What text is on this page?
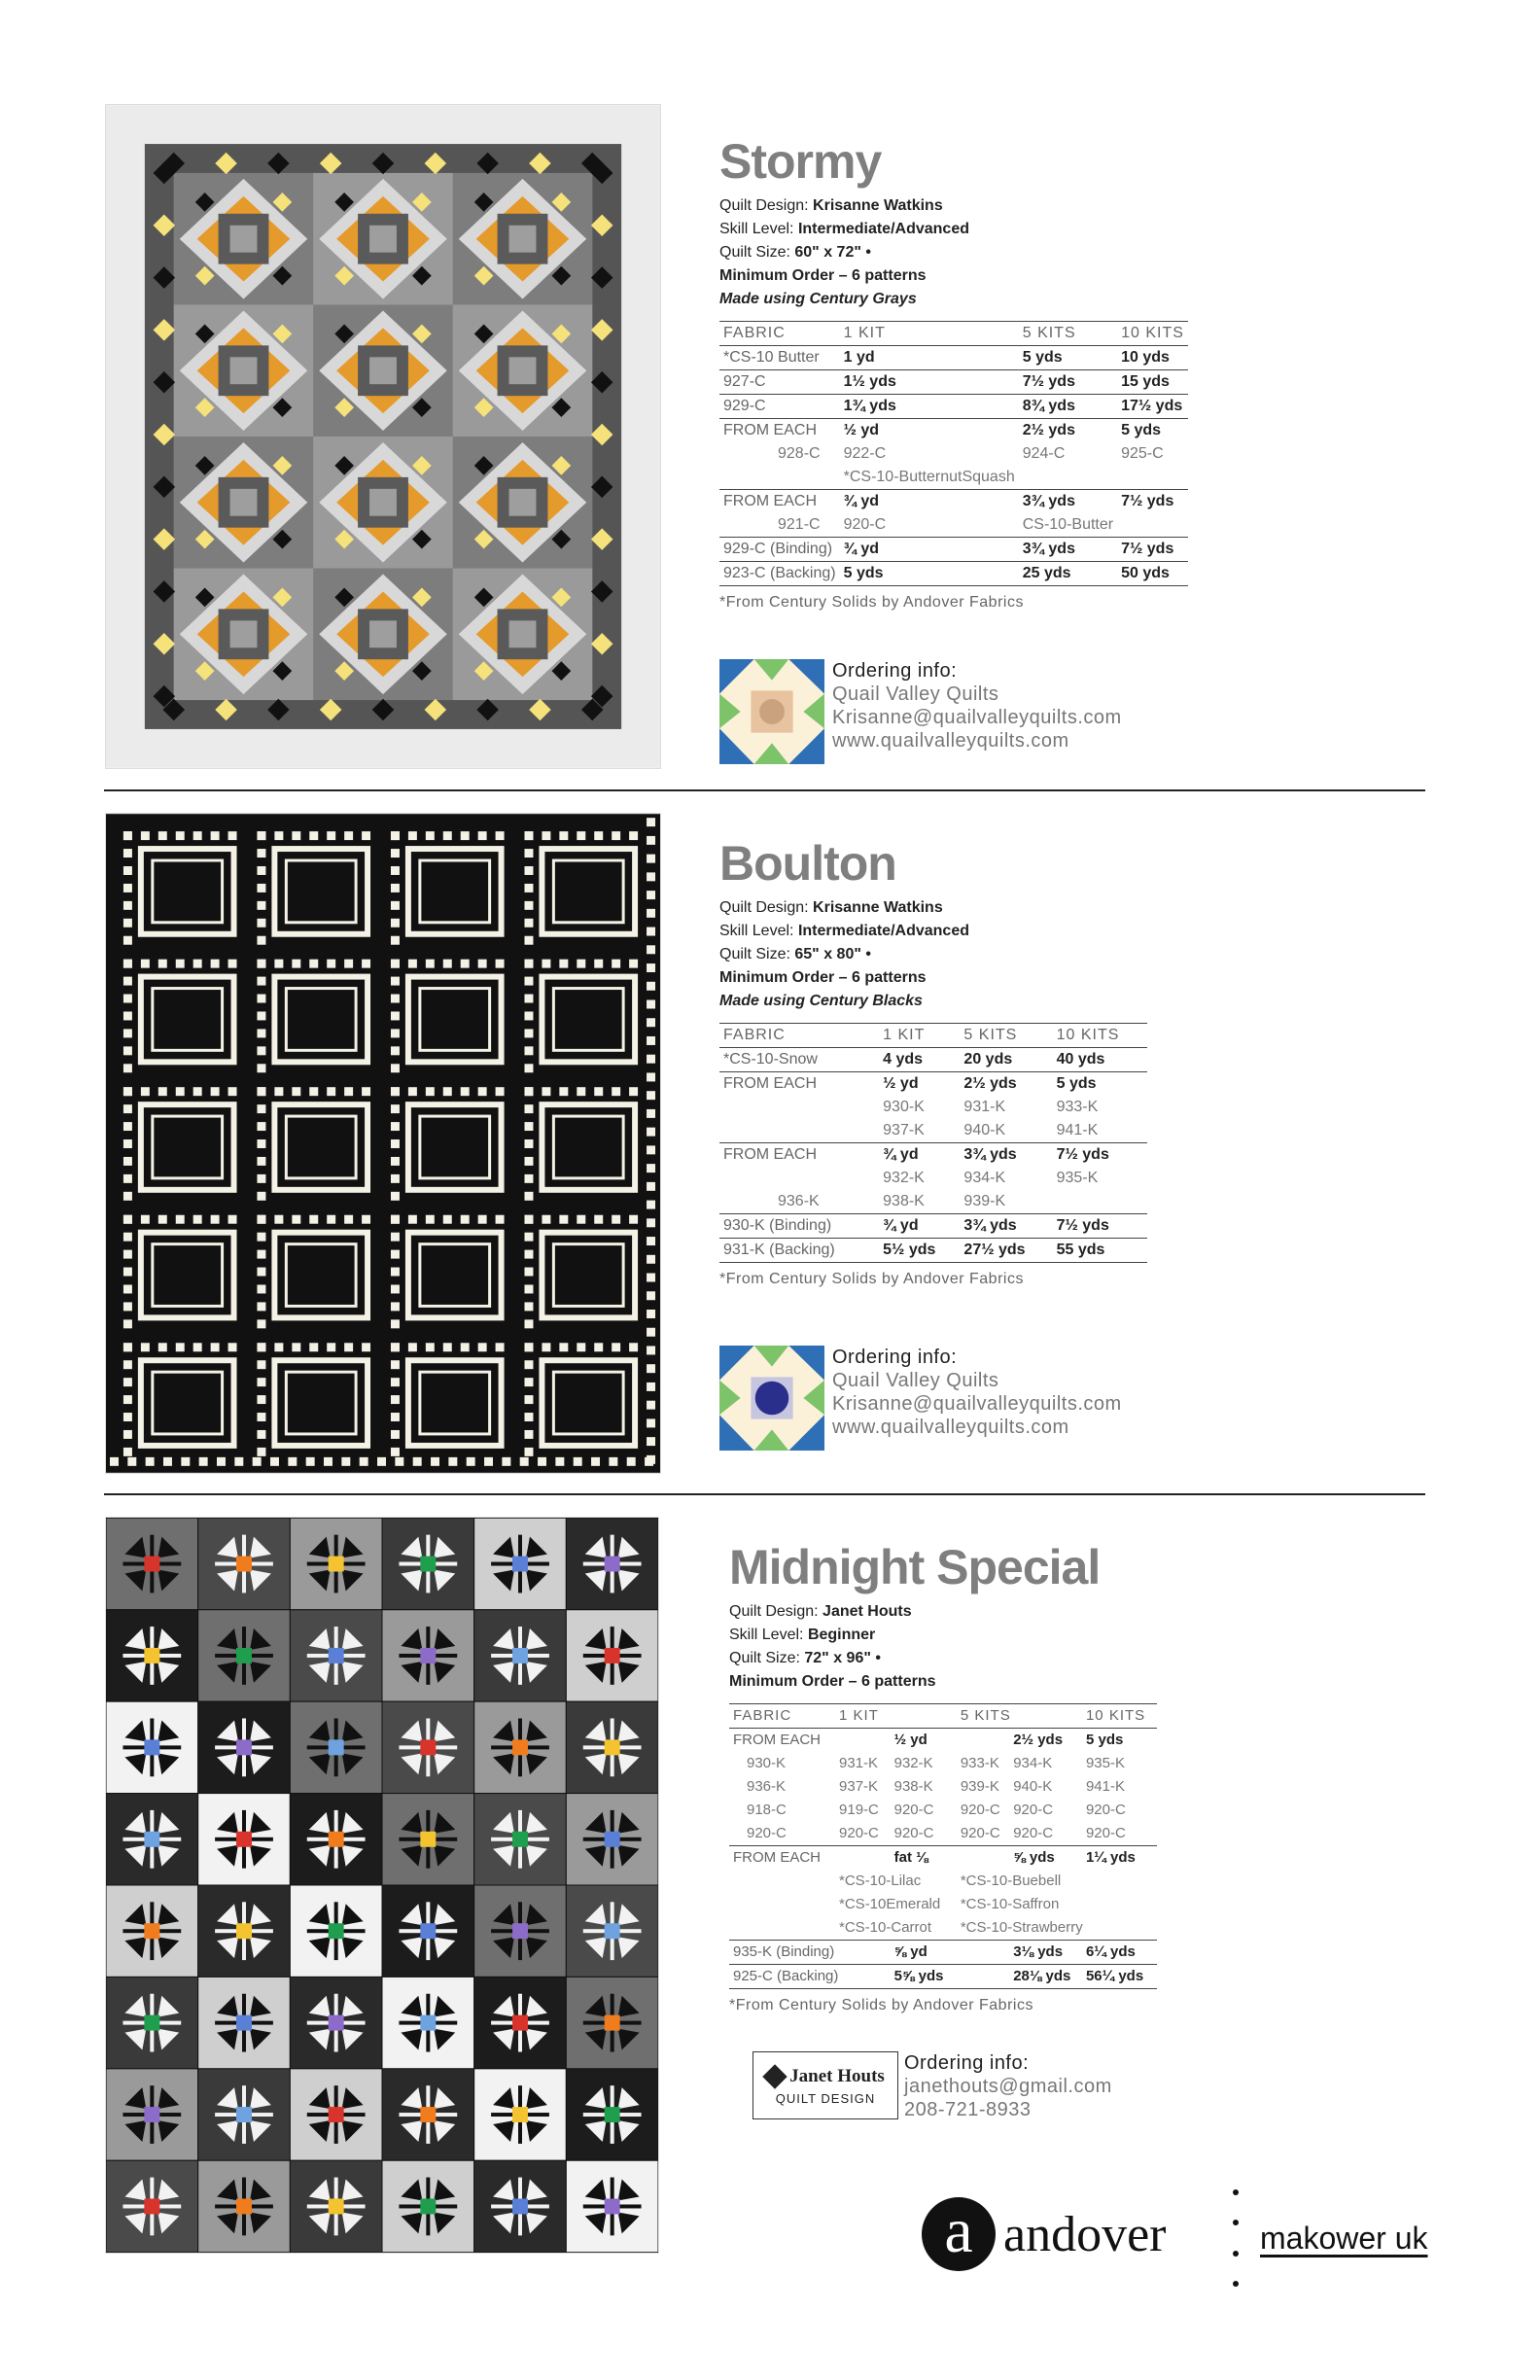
Stormy
Quilt Design: Krisanne Watkins
Skill Level: Intermediate/Advanced
Quilt Size: 60" x 72" •
Minimum Order – 6 patterns
Made using Century Grays
FABRIC	1 KIT	5 KITS	10 KITS
*CS-10 Butter	1 yd	5 yds	10 yds
927-C	1½ yds	7½ yds	15 yds
929-C	1¾ yds	8¾ yds	17½ yds
FROM EACH	½ yd	2½ yds	5 yds
928-C	922-C	924-C	925-C
	*CS-10-ButternutSquash		
FROM EACH	¾ yd	3¾ yds	7½ yds
921-C	920-C	CS-10-Butter	
929-C (Binding)	¾ yd	3¾ yds	7½ yds
923-C (Backing)	5 yds	25 yds	50 yds
*From Century Solids by Andover Fabrics
Ordering info:
Quail Valley Quilts
Krisanne@quailvalleyquilts.com
www.quailvalleyquilts.com
Boulton
Quilt Design: Krisanne Watkins
Skill Level: Intermediate/Advanced
Quilt Size: 65" x 80" •
Minimum Order – 6 patterns
Made using Century Blacks
FABRIC	1 KIT	5 KITS	10 KITS
*CS-10-Snow	4 yds	20 yds	40 yds
FROM EACH	½ yd	2½ yds	5 yds
	930-K	931-K	933-K
	937-K	940-K	941-K
FROM EACH	¾ yd	3¾ yds	7½ yds
	932-K	934-K	935-K
936-K	938-K	939-K	
930-K (Binding)	¾ yd	3¾ yds	7½ yds
931-K (Backing)	5½ yds	27½ yds	55 yds
*From Century Solids by Andover Fabrics
Ordering info:
Quail Valley Quilts
Krisanne@quailvalleyquilts.com
www.quailvalleyquilts.com
Midnight Special
Quilt Design: Janet Houts
Skill Level: Beginner
Quilt Size: 72" x 96" •
Minimum Order – 6 patterns
FABRIC	1 KIT		5 KITS		10 KITS
FROM EACH		½ yd		2½ yds	5 yds
930-K	931-K	932-K	933-K	934-K	935-K
936-K	937-K	938-K	939-K	940-K	941-K
918-C	919-C	920-C	920-C	920-C	920-C
920-C	920-C	920-C	920-C	920-C	920-C
FROM EACH		fat ⅛		⅝ yds	1¼ yds
	*CS-10-Lilac		*CS-10-Buebell		
	*CS-10Emerald		*CS-10-Saffron		
	*CS-10-Carrot		*CS-10-Strawberry		
935-K (Binding)		⅝ yd		3⅛ yds	6¼ yds
925-C (Backing)		5⅝ yds		28⅛ yds	56¼ yds
*From Century Solids by Andover Fabrics
Janet Houts
QUILT DESIGN
Ordering info:
janethouts@gmail.com
208-721-8933
a andover	makower uk
